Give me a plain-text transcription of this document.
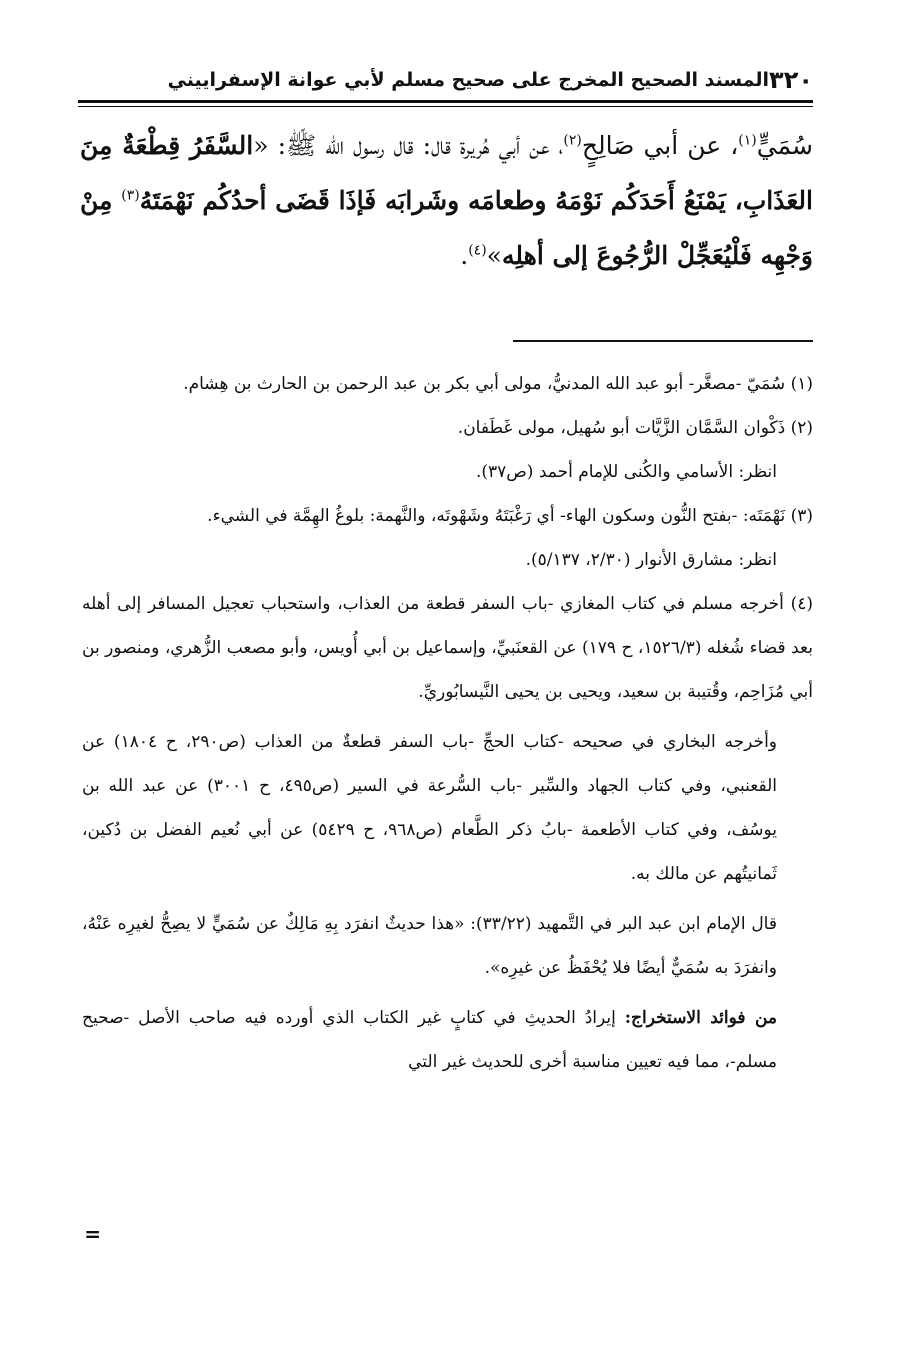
٣٢٠
المسند الصحيح المخرج على صحيح مسلم لأبي عوانة الإسفراييني
سُمَيٍّ$^{(١)}$، عن أبي صَالِحٍ$^{(٢)}$، عن أبي هُريرة قال: قال رسول الله ﷺ: «السَّفَرُ قِطْعَةٌ مِنَ العَذَابِ، يَمْنَعُ أَحَدَكُم نَوْمَهُ وطعامَه وشَرابَه فَإذَا قَضَى أحدُكُم نَهْمَتَهُ$^{(٣)}$ مِنْ وَجْهِه فَلْيُعَجِّلْ الرُّجُوعَ إلى أهلِه»$^{(٤)}$.

(١) سُمَيّ -مصغَّر- أبو عبد الله المدنيُّ، مولى أبي بكر بن عبد الرحمن بن الحارث بن هِشام.

(٢) ذَكْوان السَّمَّان الزَّيَّات أبو سُهيل، مولى غَطَفان.

انظر: الأسامي والكُنى للإمام أحمد (ص٣٧).

(٣) نَهْمَتَه: -بفتح النُّون وسكون الهاء- أي رَغْبَتَهُ وشَهْوتَه، والنَّهمة: بلوغُ الهِمَّة في الشيء.

انظر: مشارق الأنوار (٢/٣٠، ٥/١٣٧).

(٤) أخرجه مسلم في كتاب المغازي -باب السفر قطعة من العذاب، واستحباب تعجيل المسافر إلى أهله بعد قضاء شُغله (١٥٢٦/٣، ح ١٧٩) عن القعنَبيِّ، وإسماعيل بن أبي أُويس، وأبو مصعب الزُّهري، ومنصور بن أبي مُزَاحِم، وقُتيبة بن سعيد، ويحيى بن يحيى النَّيسابُوريِّ.

وأخرجه البخاري في صحيحه -كتاب الحجِّ -باب السفر قطعةٌ من العذاب (ص٢٩٠، ح ١٨٠٤) عن القعنبي، وفي كتاب الجهاد والسِّير -باب السُّرعة في السير (ص٤٩٥، ح ٣٠٠١) عن عبد الله بن يوسُف، وفي كتاب الأطعمة -بابُ ذكر الطَّعام (ص٩٦٨، ح ٥٤٢٩) عن أبي نُعيم الفضل بن دُكين، ثَمانيتُهم عن مالك به.

قال الإمام ابن عبد البر في التَّمهيد (٣٣/٢٢): «هذا حديثٌ انفرَد بِهِ مَالِكٌ عن سُمَيٍّ لا يصِحُّ لغيرِه عَنْهُ، وانفرَدَ به سُمَيٌّ أيضًا فلا يُحْفَظُ عن غيرِه».

من فوائد الاستخراج: إيرادُ الحديثِ في كتابٍ غير الكتاب الذي أورده فيه صاحب الأصل -صحيح مسلم-، مما فيه تعيين مناسبة أخرى للحديث غير التي

=
